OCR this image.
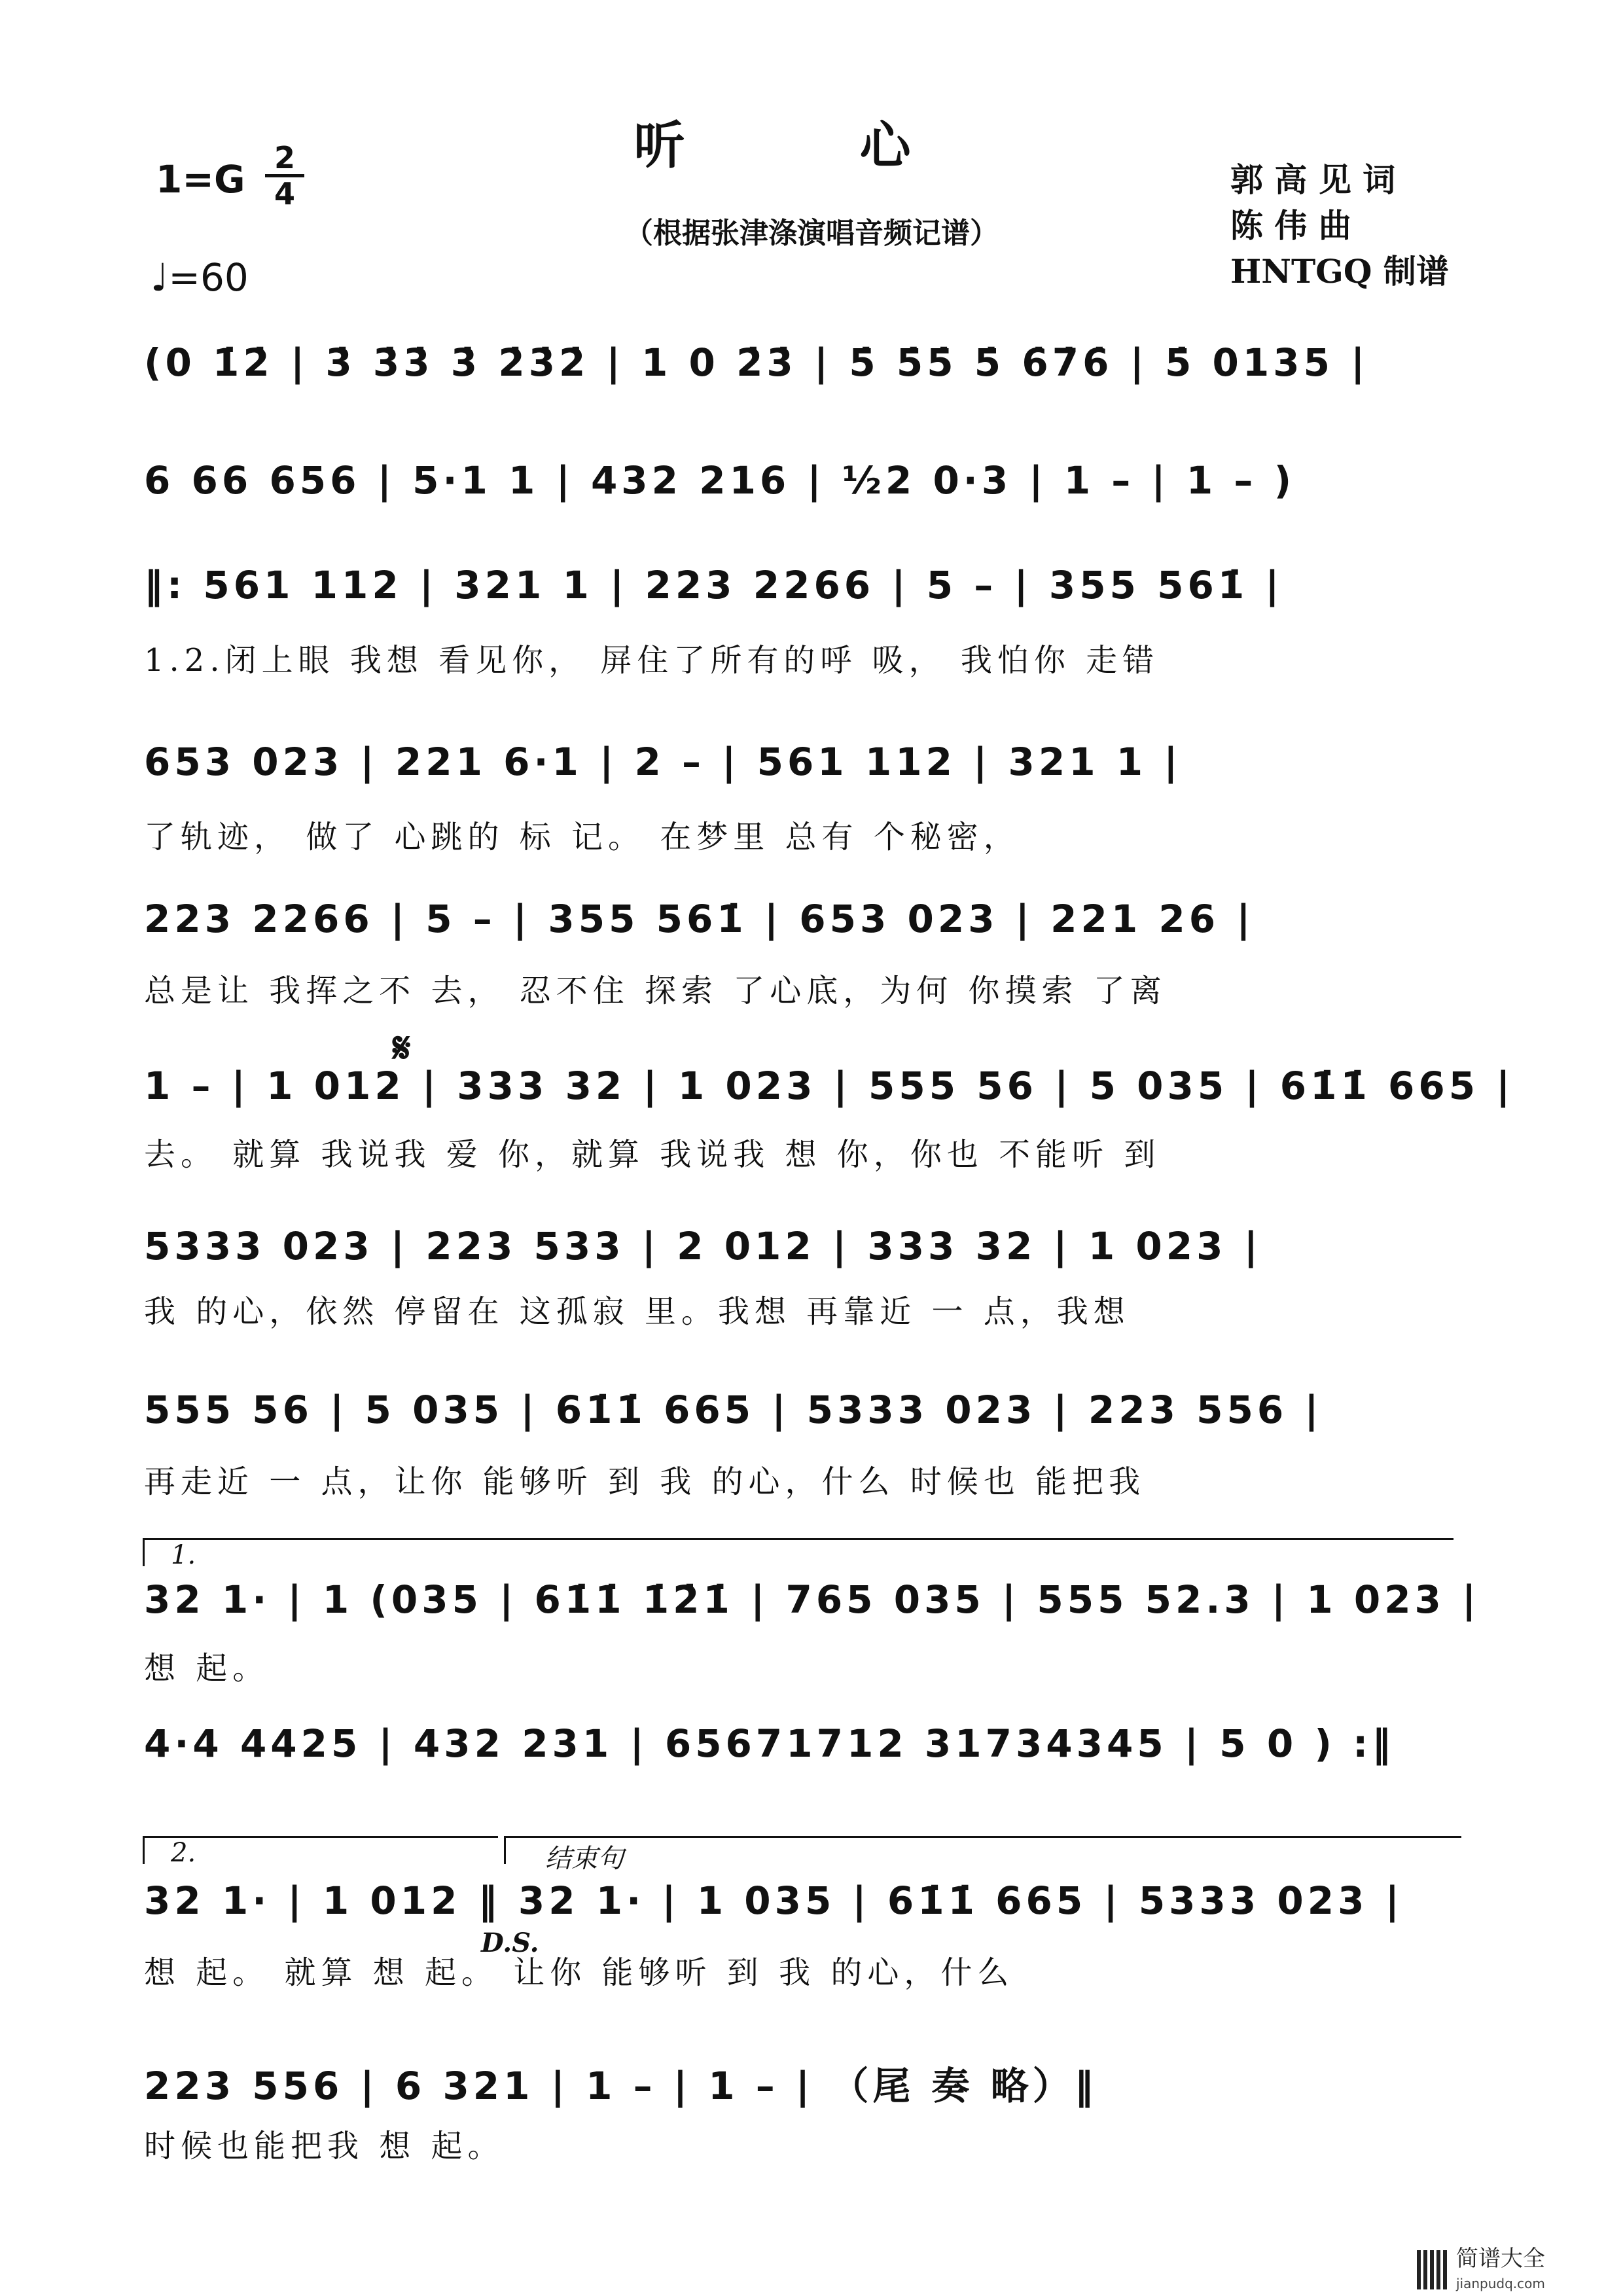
听 心
（根据张津涤演唱音频记谱）
1=G 2
4
♩=60
郭 高 见 词
陈 伟 曲
HNTGQ 制谱
(0 1̇2̇ | 3̇ 3̇3̇ 3̇ 2̇3̇2̇ | 1 0 2̇3̇ | 5̇ 5̇5̇ 5̇ 6̇7̇6̇ | 5̇ 0135 |
6 66 656 | 5·1 1 | 432 216 | ½2 0·3 | 1 – | 1 – )
‖: 561 112 | 321 1 | 223 2266 | 5 – | 355 561̇ |
1.2.闭上眼 我想 看见你， 屏住了所有的呼 吸， 我怕你 走错
653 023 | 221 6·1 | 2 – | 561 112 | 321 1 |
了轨迹， 做了 心跳的 标 记。 在梦里 总有 个秘密，
223 2266 | 5 – | 355 561̇ | 653 023 | 221 26 |
总是让 我挥之不 去， 忍不住 探索 了心底，为何 你摸索 了离
𝄋
1 – | 1 012 | 333 32 | 1 023 | 555 56 | 5 035 | 61̇1̇ 665 |
去。 就算 我说我 爱 你，就算 我说我 想 你，你也 不能听 到
5333 023 | 223 533 | 2 012 | 333 32 | 1 023 |
我 的心，依然 停留在 这孤寂 里。我想 再靠近 一 点，我想
555 56 | 5 035 | 61̇1̇ 665 | 5333 023 | 223 556 |
再走近 一 点，让你 能够听 到 我 的心，什么 时候也 能把我
1.
32 1· | 1 (035 | 61̇1̇ 1̇2̇1̇ | 765 035 | 555 52.3 | 1 023 |
想 起。
4·4 4425 | 432 231 | 65671712 31734345 | 5 0 ) :‖
2.	结束句
32 1· | 1 012 ‖ 32 1· | 1 035 | 61̇1̇ 665 | 5333 023 |
D.S.
想 起。 就算 想 起。 让你 能够听 到 我 的心，什么
223 556 | 6 321 | 1 – | 1 – | （尾 奏 略）‖
时候也能把我 想 起。
简谱大全
jianpudq.com
